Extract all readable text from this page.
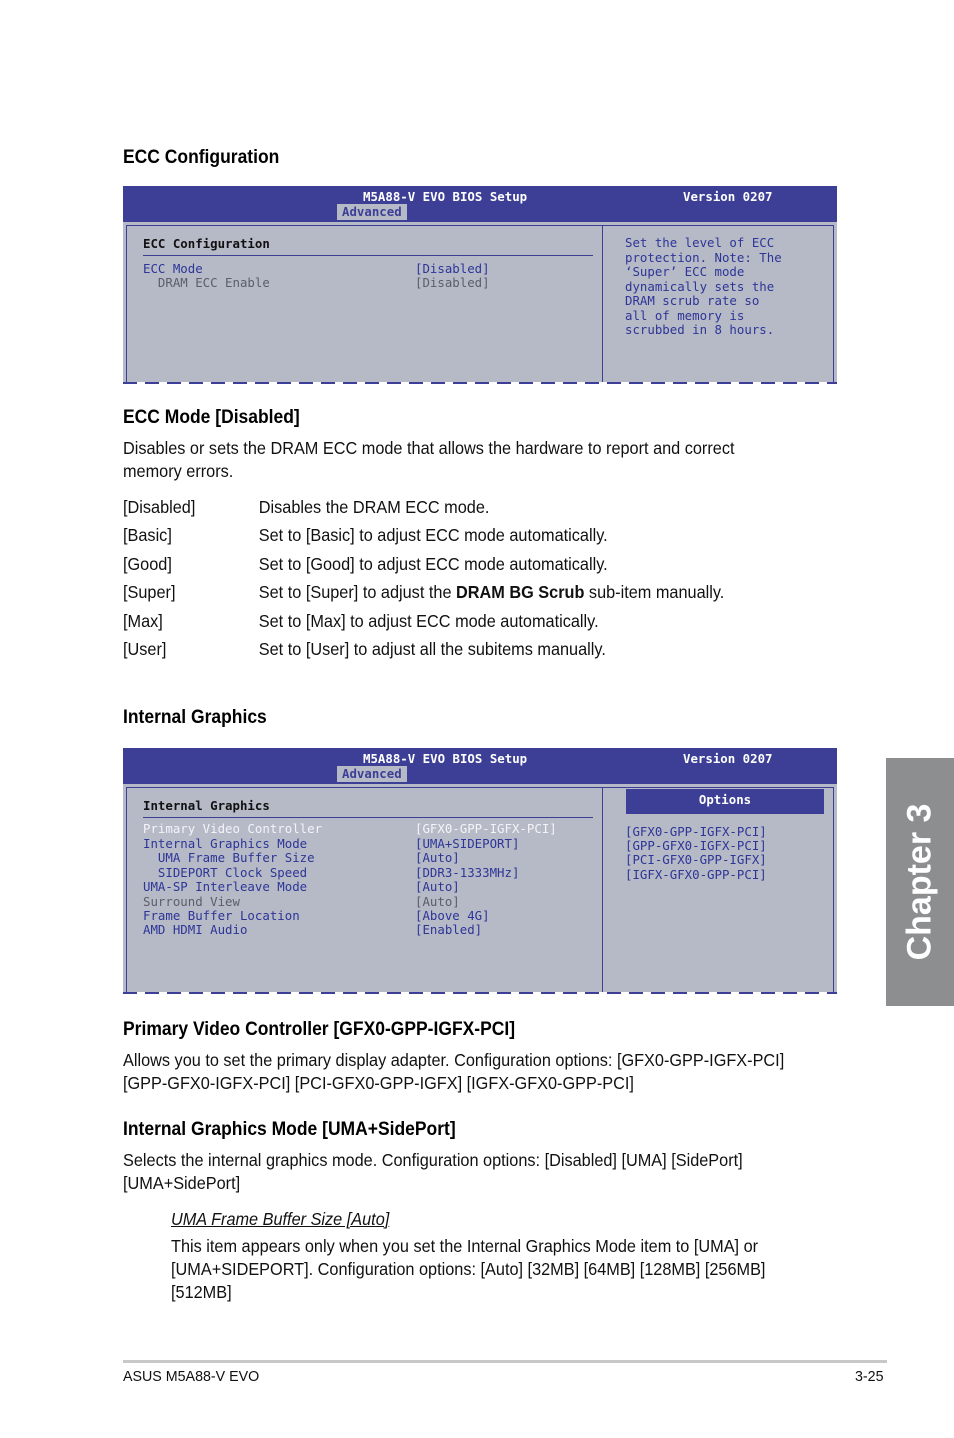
ECC Configuration
M5A88-V EVO BIOS Setup	Version 0207
Advanced
ECC Configuration
ECC Mode	[Disabled]
DRAM ECC Enable	[Disabled]
Set the level of ECC
protection. Note: The
‘Super’ ECC mode
dynamically sets the
DRAM scrub rate so
all of memory is
scrubbed in 8 hours.
ECC Mode [Disabled]
Disables or sets the DRAM ECC mode that allows the hardware to report and correct memory errors.
[Disabled]	Disables the DRAM ECC mode.
[Basic]	Set to [Basic] to adjust ECC mode automatically.
[Good]	Set to [Good] to adjust ECC mode automatically.
[Super]	Set to [Super] to adjust the DRAM BG Scrub sub-item manually.
[Max]	Set to [Max] to adjust ECC mode automatically.
[User]	Set to [User] to adjust all the subitems manually.
Internal Graphics
M5A88-V EVO BIOS Setup	Version 0207
Advanced
Internal Graphics
Primary Video Controller	[GFX0-GPP-IGFX-PCI]
Internal Graphics Mode	[UMA+SIDEPORT]
UMA Frame Buffer Size	[Auto]
SIDEPORT Clock Speed	[DDR3-1333MHz]
UMA-SP Interleave Mode	[Auto]
Surround View	[Auto]
Frame Buffer Location	[Above 4G]
AMD HDMI Audio	[Enabled]
Options
[GFX0-GPP-IGFX-PCI]
[GPP-GFX0-IGFX-PCI]
[PCI-GFX0-GPP-IGFX]
[IGFX-GFX0-GPP-PCI]
Primary Video Controller [GFX0-GPP-IGFX-PCI]
Allows you to set the primary display adapter. Configuration options: [GFX0-GPP-IGFX-PCI]
[GPP-GFX0-IGFX-PCI] [PCI-GFX0-GPP-IGFX] [IGFX-GFX0-GPP-PCI]
Internal Graphics Mode [UMA+SidePort]
Selects the internal graphics mode. Configuration options: [Disabled] [UMA] [SidePort]
[UMA+SidePort]
UMA Frame Buffer Size [Auto]
This item appears only when you set the Internal Graphics Mode item to [UMA] or
[UMA+SIDEPORT]. Configuration options: [Auto] [32MB] [64MB] [128MB] [256MB]
[512MB]
Chapter 3
ASUS M5A88-V EVO	3-25
